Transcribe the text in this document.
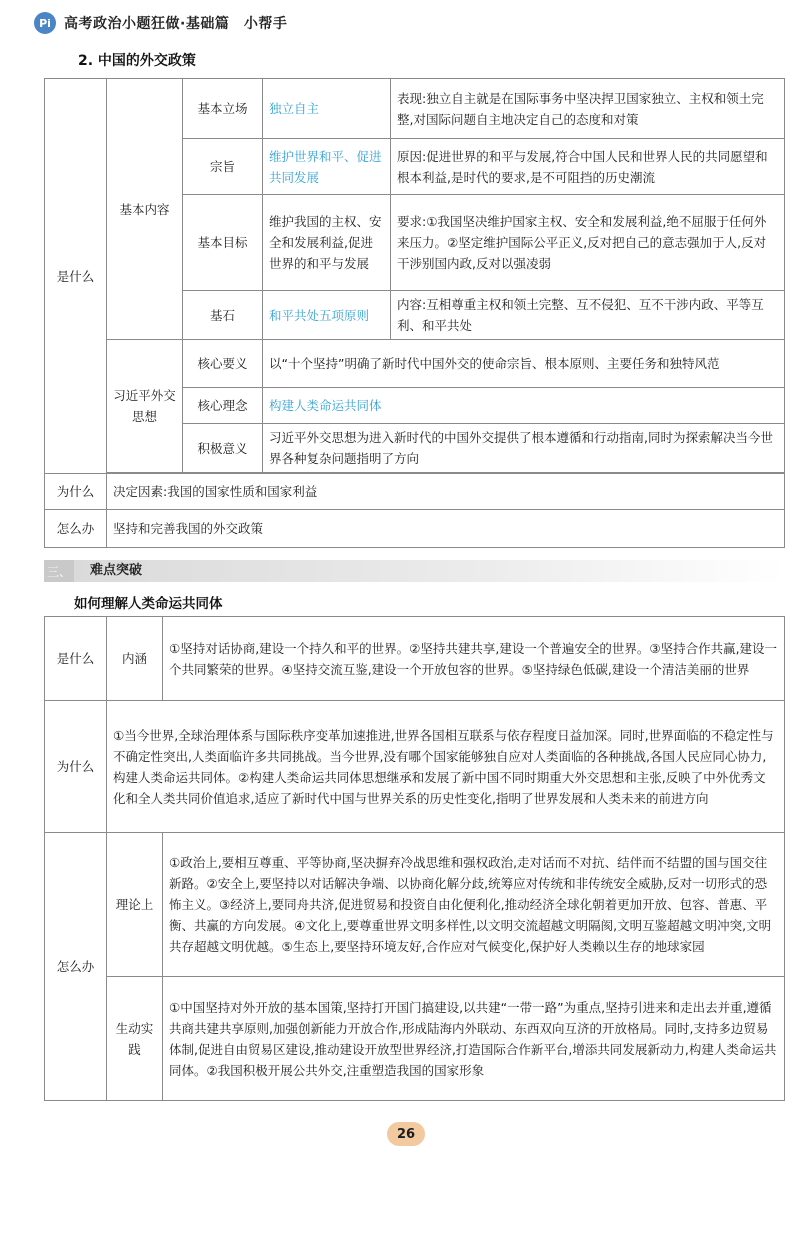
Pi 高考政治小题狂做·基础篇　小帮手
2. 中国的外交政策
是什么	基本内容	基本立场	独立自主	表现:独立自主就是在国际事务中坚决捍卫国家独立、主权和领土完整,对国际问题自主地决定自己的态度和对策
		宗旨	维护世界和平、促进共同发展	原因:促进世界的和平与发展,符合中国人民和世界人民的共同愿望和根本利益,是时代的要求,是不可阻挡的历史潮流
		基本目标	维护我国的主权、安全和发展利益,促进世界的和平与发展	要求:①我国坚决维护国家主权、安全和发展利益,绝不屈服于任何外来压力。②坚定维护国际公平正义,反对把自己的意志强加于人,反对干涉别国内政,反对以强凌弱
		基石	和平共处五项原则	内容:互相尊重主权和领土完整、互不侵犯、互不干涉内政、平等互利、和平共处
	习近平外交思想	核心要义	以“十个坚持”明确了新时代中国外交的使命宗旨、根本原则、主要任务和独特风范	
		核心理念	构建人类命运共同体	
		积极意义	习近平外交思想为进入新时代的中国外交提供了根本遵循和行动指南,同时为探索解决当今世界各种复杂问题指明了方向	

为什么	决定因素:我国的国家性质和国家利益			
怎么办	坚持和完善我国的外交政策			
三、 难点突破
如何理解人类命运共同体
是什么	内涵	①坚持对话协商,建设一个持久和平的世界。②坚持共建共享,建设一个普遍安全的世界。③坚持合作共赢,建设一个共同繁荣的世界。④坚持交流互鉴,建设一个开放包容的世界。⑤坚持绿色低碳,建设一个清洁美丽的世界
为什么	①当今世界,全球治理体系与国际秩序变革加速推进,世界各国相互联系与依存程度日益加深。同时,世界面临的不稳定性与不确定性突出,人类面临许多共同挑战。当今世界,没有哪个国家能够独自应对人类面临的各种挑战,各国人民应同心协力,构建人类命运共同体。②构建人类命运共同体思想继承和发展了新中国不同时期重大外交思想和主张,反映了中外优秀文化和全人类共同价值追求,适应了新时代中国与世界关系的历史性变化,指明了世界发展和人类未来的前进方向	
怎么办	理论上	①政治上,要相互尊重、平等协商,坚决摒弃冷战思维和强权政治,走对话而不对抗、结伴而不结盟的国与国交往新路。②安全上,要坚持以对话解决争端、以协商化解分歧,统筹应对传统和非传统安全威胁,反对一切形式的恐怖主义。③经济上,要同舟共济,促进贸易和投资自由化便利化,推动经济全球化朝着更加开放、包容、普惠、平衡、共赢的方向发展。④文化上,要尊重世界文明多样性,以文明交流超越文明隔阂,文明互鉴超越文明冲突,文明共存超越文明优越。⑤生态上,要坚持环境友好,合作应对气候变化,保护好人类赖以生存的地球家园
	生动实践	①中国坚持对外开放的基本国策,坚持打开国门搞建设,以共建“一带一路”为重点,坚持引进来和走出去并重,遵循共商共建共享原则,加强创新能力开放合作,形成陆海内外联动、东西双向互济的开放格局。同时,支持多边贸易体制,促进自由贸易区建设,推动建设开放型世界经济,打造国际合作新平台,增添共同发展新动力,构建人类命运共同体。②我国积极开展公共外交,注重塑造我国的国家形象
26
